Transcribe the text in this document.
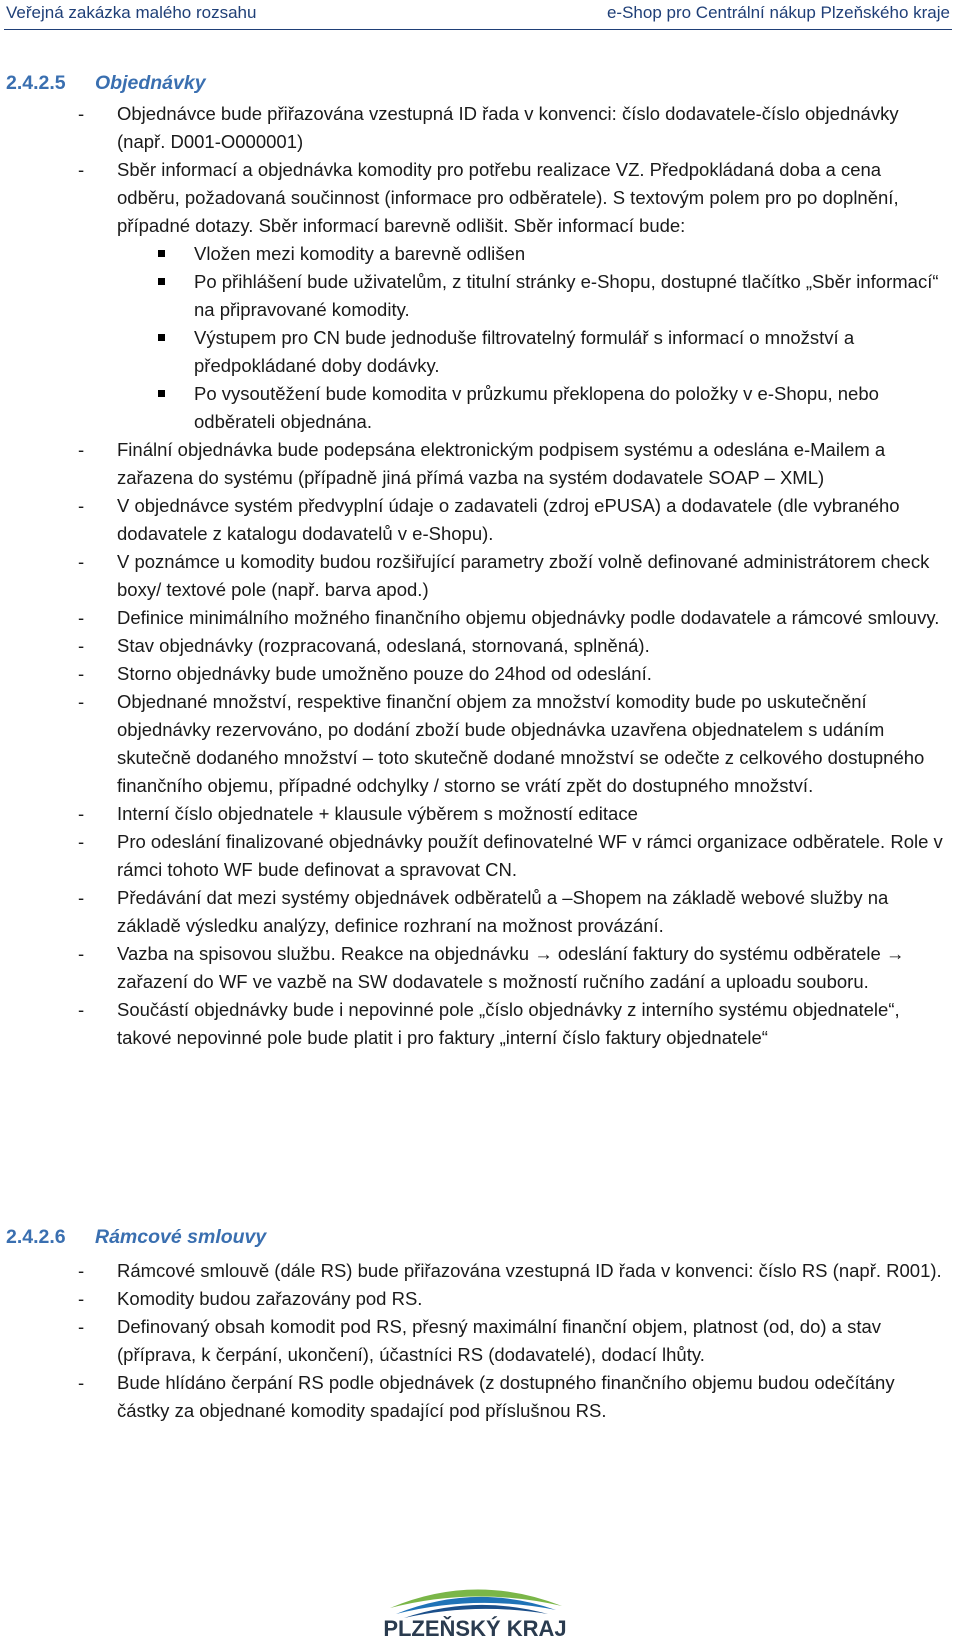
Veřejná zakázka malého rozsahu	e-Shop pro Centrální nákup Plzeňského kraje
2.4.2.5 Objednávky
- Objednávce bude přiřazována vzestupná ID řada v konvenci: číslo dodavatele-číslo objednávky (např. D001-O000001)
- Sběr informací a objednávka komodity pro potřebu realizace VZ. Předpokládaná doba a cena odběru, požadovaná součinnost (informace pro odběratele). S textovým polem pro po doplnění, případné dotazy. Sběr informací barevně odlišit. Sběr informací bude:
Vložen mezi komodity a barevně odlišen
Po přihlášení bude uživatelům, z titulní stránky e-Shopu, dostupné tlačítko „Sběr informací“ na připravované komodity.
Výstupem pro CN bude jednoduše filtrovatelný formulář s informací o množství a předpokládané doby dodávky.
Po vysoutěžení bude komodita v průzkumu překlopena do položky v e-Shopu, nebo odběrateli objednána.
- Finální objednávka bude podepsána elektronickým podpisem systému a odeslána e-Mailem a zařazena do systému (případně jiná přímá vazba na systém dodavatele SOAP – XML)
- V objednávce systém předvyplní údaje o zadavateli (zdroj ePUSA) a dodavatele (dle vybraného dodavatele z katalogu dodavatelů v e-Shopu).
- V poznámce u komodity budou rozšiřující parametry zboží volně definované administrátorem check boxy/ textové pole (např. barva apod.)
- Definice minimálního možného finančního objemu objednávky podle dodavatele a rámcové smlouvy.
- Stav objednávky (rozpracovaná, odeslaná, stornovaná, splněná).
- Storno objednávky bude umožněno pouze do 24hod od odeslání.
- Objednané množství, respektive finanční objem za množství komodity bude po uskutečnění objednávky rezervováno, po dodání zboží bude objednávka uzavřena objednatelem s udáním skutečně dodaného množství – toto skutečně dodané množství se odečte z celkového dostupného finančního objemu, případné odchylky / storno se vrátí zpět do dostupného množství.
- Interní číslo objednatele + klausule výběrem s možností editace
- Pro odeslání finalizované objednávky použít definovatelné WF v rámci organizace odběratele. Role v rámci tohoto WF bude definovat a spravovat CN.
- Předávání dat mezi systémy objednávek odběratelů a –Shopem na základě webové služby na základě výsledku analýzy, definice rozhraní na možnost provázání.
- Vazba na spisovou službu. Reakce na objednávku → odeslání faktury do systému odběratele → zařazení do WF ve vazbě na SW dodavatele s možností ručního zadání a uploadu souboru.
- Součástí objednávky bude i nepovinné pole „číslo objednávky z interního systému objednatele“, takové nepovinné pole bude platit i pro faktury „interní číslo faktury objednatele“
2.4.2.6 Rámcové smlouvy
- Rámcové smlouvě (dále RS) bude přiřazována vzestupná ID řada v konvenci: číslo RS (např. R001).
- Komodity budou zařazovány pod RS.
- Definovaný obsah komodit pod RS, přesný maximální finanční objem, platnost (od, do) a stav (příprava, k čerpání, ukončení), účastníci RS (dodavatelé), dodací lhůty.
- Bude hlídáno čerpání RS podle objednávek (z dostupného finančního objemu budou odečítány částky za objednané komodity spadající pod příslušnou RS.
PLZEŇSKÝ KRAJ
